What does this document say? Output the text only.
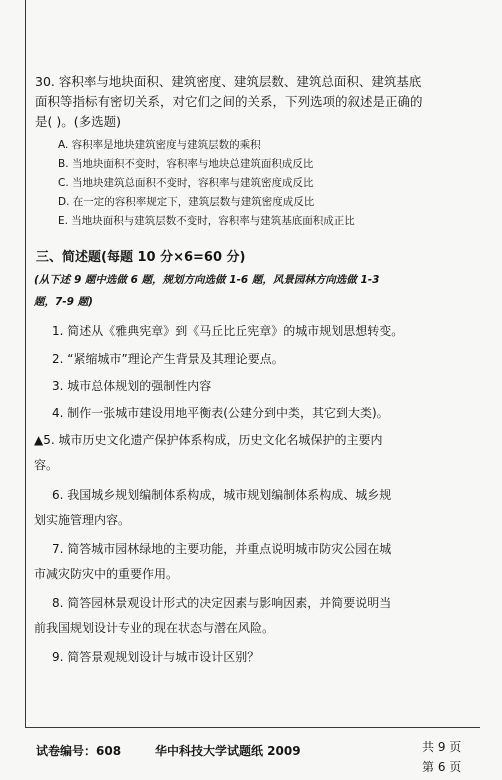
30. 容积率与地块面积、建筑密度、建筑层数、建筑总面积、建筑基底
面积等指标有密切关系，对它们之间的关系，下列选项的叙述是正确的
是( )。(多选题)
A. 容积率是地块建筑密度与建筑层数的乘积
B. 当地块面积不变时，容积率与地块总建筑面积成反比
C. 当地块建筑总面积不变时，容积率与建筑密度成反比
D. 在一定的容积率规定下，建筑层数与建筑密度成反比
E. 当地块面积与建筑层数不变时，容积率与建筑基底面积成正比
三、简述题(每题 10 分×6=60 分)
(从下述 9 题中选做 6 题，规划方向选做 1-6 题，风景园林方向选做 1-3
题，7-9 题)
1. 简述从《雅典宪章》到《马丘比丘宪章》的城市规划思想转变。
2. “紧缩城市”理论产生背景及其理论要点。
3. 城市总体规划的强制性内容
4. 制作一张城市建设用地平衡表(公建分到中类，其它到大类)。
▲5. 城市历史文化遗产保护体系构成，历史文化名城保护的主要内
容。
6. 我国城乡规划编制体系构成，城市规划编制体系构成、城乡规
划实施管理内容。
7. 简答城市园林绿地的主要功能，并重点说明城市防灾公园在城
市减灾防灾中的重要作用。
8. 简答园林景观设计形式的决定因素与影响因素，并简要说明当
前我国规划设计专业的现在状态与潜在风险。
9. 简答景观规划设计与城市设计区别？
试卷编号：608	华中科技大学试题纸 2009	共 9 页
第 6 页
